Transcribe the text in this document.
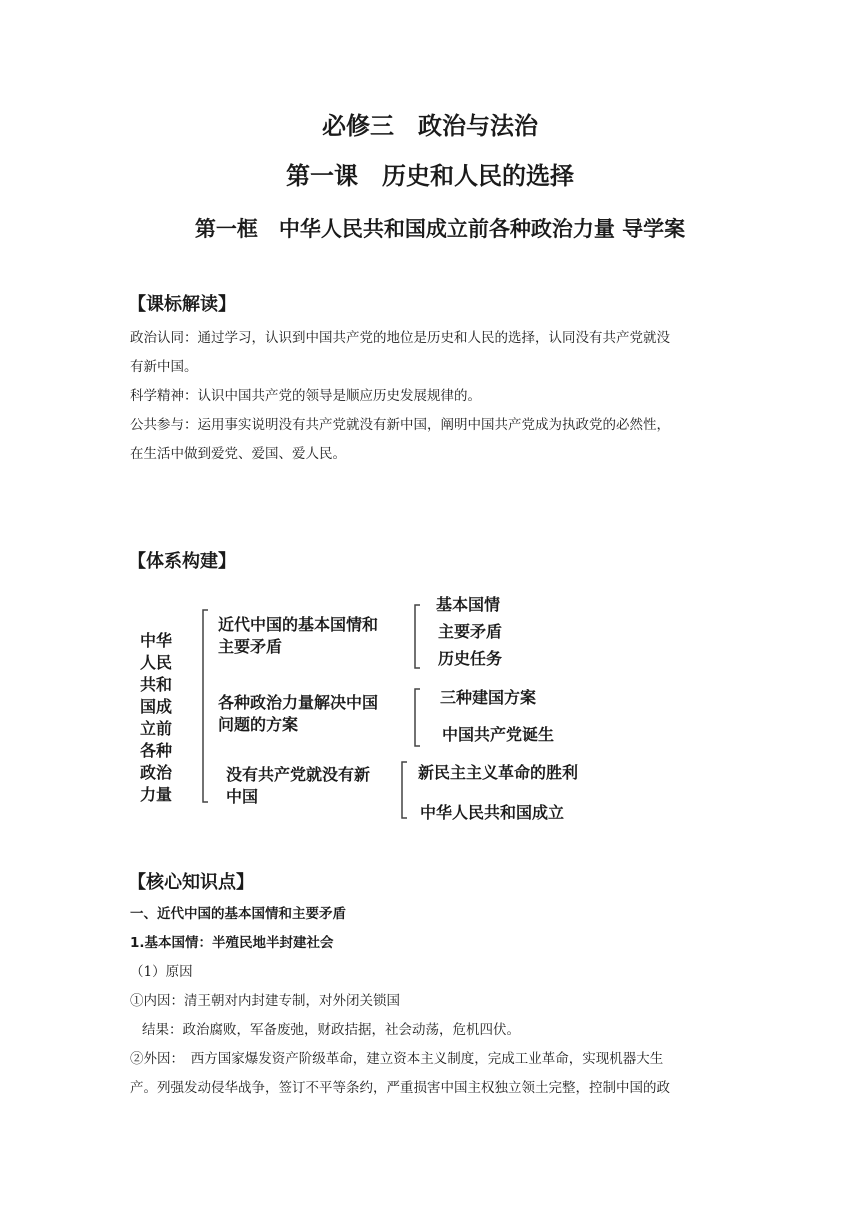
必修三　政治与法治
第一课　历史和人民的选择
第一框　中华人民共和国成立前各种政治力量 导学案
【课标解读】

政治认同：通过学习，认识到中国共产党的地位是历史和人民的选择，认同没有共产党就没

有新中国。

科学精神：认识中国共产党的领导是顺应历史发展规律的。

公共参与：运用事实说明没有共产党就没有新中国，阐明中国共产党成为执政党的必然性，

在生活中做到爱党、爱国、爱人民。

【体系构建】
中华
人民
共和
国成
立前
各种
政治
力量
近代中国的基本国情和
主要矛盾
基本国情
主要矛盾
历史任务
各种政治力量解决中国
问题的方案
三种建国方案
中国共产党诞生
没有共产党就没有新
中国
新民主主义革命的胜利
中华人民共和国成立
【核心知识点】

一、近代中国的基本国情和主要矛盾

1.基本国情：半殖民地半封建社会

（1）原因

①内因：清王朝对内封建专制，对外闭关锁国

结果：政治腐败，军备废弛，财政拮据，社会动荡，危机四伏。

②外因：　西方国家爆发资产阶级革命，建立资本主义制度，完成工业革命，实现机器大生

产。列强发动侵华战争，签订不平等条约，严重损害中国主权独立领土完整，控制中国的政
